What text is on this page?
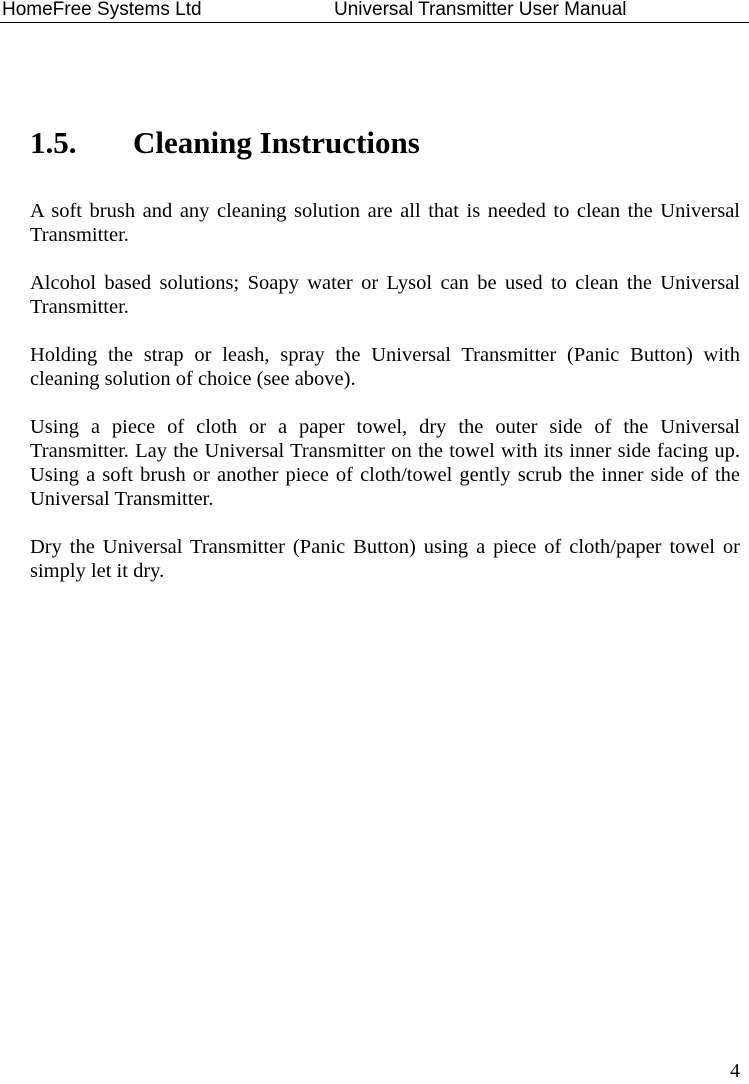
HomeFree Systems Ltd	Universal Transmitter User Manual
1.5. Cleaning Instructions

A soft brush and any cleaning solution are all that is needed to clean the Universal Transmitter.

Alcohol based solutions; Soapy water or Lysol can be used to clean the Universal Transmitter.

Holding the strap or leash, spray the Universal Transmitter (Panic Button) with cleaning solution of choice (see above).

Using a piece of cloth or a paper towel, dry the outer side of the Universal Transmitter. Lay the Universal Transmitter on the towel with its inner side facing up. Using a soft brush or another piece of cloth/towel gently scrub the inner side of the Universal Transmitter.

Dry the Universal Transmitter (Panic Button) using a piece of cloth/paper towel or simply let it dry.

4
